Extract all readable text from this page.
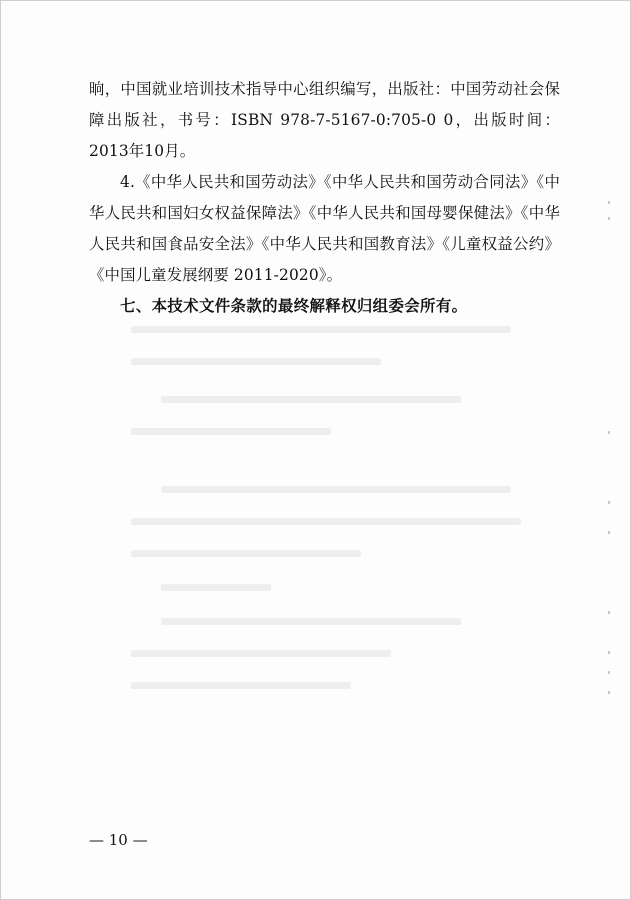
晌，中国就业培训技术指导中心组织编写，出版社：中国劳动社会保障出版社，书号：ISBN 978-7-5167-0:705-0 0，出版时间：2013年10月。

4.《中华人民共和国劳动法》《中华人民共和国劳动合同法》《中华人民共和国妇女权益保障法》《中华人民共和国母婴保健法》《中华人民共和国食品安全法》《中华人民共和国教育法》《儿童权益公约》《中国儿童发展纲要 2011-2020》。

七、本技术文件条款的最终解释权归组委会所有。

— 10 —
